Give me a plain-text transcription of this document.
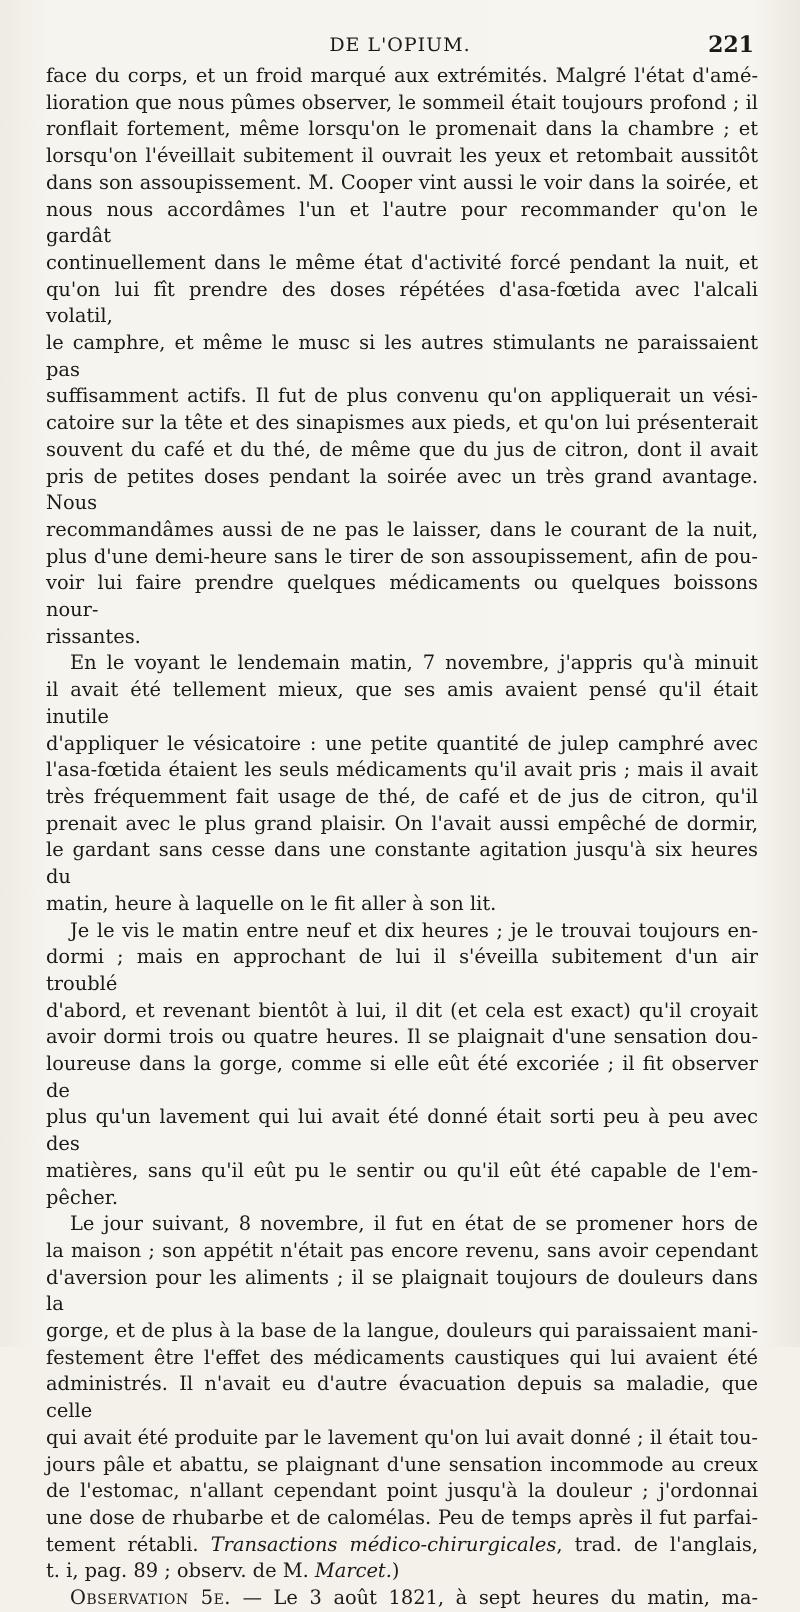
DE L'OPIUM.	221

face du corps, et un froid marqué aux extrémités. Malgré l'état d'amé-

lioration que nous pûmes observer, le sommeil était toujours profond ; il

ronflait fortement, même lorsqu'on le promenait dans la chambre ; et

lorsqu'on l'éveillait subitement il ouvrait les yeux et retombait aussitôt

dans son assoupissement. M. Cooper vint aussi le voir dans la soirée, et

nous nous accordâmes l'un et l'autre pour recommander qu'on le gardât

continuellement dans le même état d'activité forcé pendant la nuit, et

qu'on lui fît prendre des doses répétées d'asa-fœtida avec l'alcali volatil,

le camphre, et même le musc si les autres stimulants ne paraissaient pas

suffisamment actifs. Il fut de plus convenu qu'on appliquerait un vési-

catoire sur la tête et des sinapismes aux pieds, et qu'on lui présenterait

souvent du café et du thé, de même que du jus de citron, dont il avait

pris de petites doses pendant la soirée avec un très grand avantage. Nous

recommandâmes aussi de ne pas le laisser, dans le courant de la nuit,

plus d'une demi-heure sans le tirer de son assoupissement, afin de pou-

voir lui faire prendre quelques médicaments ou quelques boissons nour-

rissantes.

En le voyant le lendemain matin, 7 novembre, j'appris qu'à minuit

il avait été tellement mieux, que ses amis avaient pensé qu'il était inutile

d'appliquer le vésicatoire : une petite quantité de julep camphré avec

l'asa-fœtida étaient les seuls médicaments qu'il avait pris ; mais il avait

très fréquemment fait usage de thé, de café et de jus de citron, qu'il

prenait avec le plus grand plaisir. On l'avait aussi empêché de dormir,

le gardant sans cesse dans une constante agitation jusqu'à six heures du

matin, heure à laquelle on le fit aller à son lit.

Je le vis le matin entre neuf et dix heures ; je le trouvai toujours en-

dormi ; mais en approchant de lui il s'éveilla subitement d'un air troublé

d'abord, et revenant bientôt à lui, il dit (et cela est exact) qu'il croyait

avoir dormi trois ou quatre heures. Il se plaignait d'une sensation dou-

loureuse dans la gorge, comme si elle eût été excoriée ; il fit observer de

plus qu'un lavement qui lui avait été donné était sorti peu à peu avec des

matières, sans qu'il eût pu le sentir ou qu'il eût été capable de l'em-

pêcher.

Le jour suivant, 8 novembre, il fut en état de se promener hors de

la maison ; son appétit n'était pas encore revenu, sans avoir cependant

d'aversion pour les aliments ; il se plaignait toujours de douleurs dans la

gorge, et de plus à la base de la langue, douleurs qui paraissaient mani-

festement être l'effet des médicaments caustiques qui lui avaient été

administrés. Il n'avait eu d'autre évacuation depuis sa maladie, que celle

qui avait été produite par le lavement qu'on lui avait donné ; il était tou-

jours pâle et abattu, se plaignant d'une sensation incommode au creux

de l'estomac, n'allant cependant point jusqu'à la douleur ; j'ordonnai

une dose de rhubarbe et de calomélas. Peu de temps après il fut parfai-

tement rétabli. Transactions médico-chirurgicales, trad. de l'anglais,

t. i, pag. 89 ; observ. de M. Marcet.)

Observation 5e. — Le 3 août 1821, à sept heures du matin, ma-
